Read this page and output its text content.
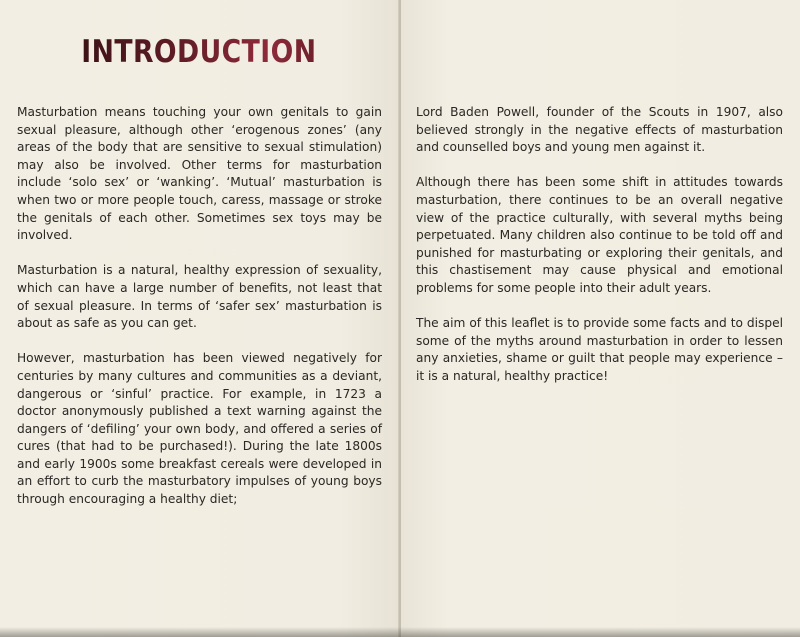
INTRODUCTION

Masturbation means touching your own genitals to gain sexual pleasure, although other ‘erogenous zones’ (any areas of the body that are sensitive to sexual stimulation) may also be involved. Other terms for masturbation include ‘solo sex’ or ‘wanking’. ‘Mutual’ masturbation is when two or more people touch, caress, massage or stroke the genitals of each other. Sometimes sex toys may be involved.

Masturbation is a natural, healthy expression of sexuality, which can have a large number of benefits, not least that of sexual pleasure. In terms of ‘safer sex’ masturbation is about as safe as you can get.

However, masturbation has been viewed negatively for centuries by many cultures and communities as a deviant, dangerous or ‘sinful’ practice. For example, in 1723 a doctor anonymously published a text warning against the dangers of ‘defiling’ your own body, and offered a series of cures (that had to be purchased!). During the late 1800s and early 1900s some breakfast cereals were developed in an effort to curb the masturbatory impulses of young boys through encouraging a healthy diet;

Lord Baden Powell, founder of the Scouts in 1907, also believed strongly in the negative effects of masturbation and counselled boys and young men against it.

Although there has been some shift in attitudes towards masturbation, there continues to be an overall negative view of the practice culturally, with several myths being perpetuated. Many children also continue to be told off and punished for masturbating or exploring their genitals, and this chastisement may cause physical and emotional problems for some people into their adult years.

The aim of this leaflet is to provide some facts and to dispel some of the myths around masturbation in order to lessen any anxieties, shame or guilt that people may experience – it is a natural, healthy practice!
